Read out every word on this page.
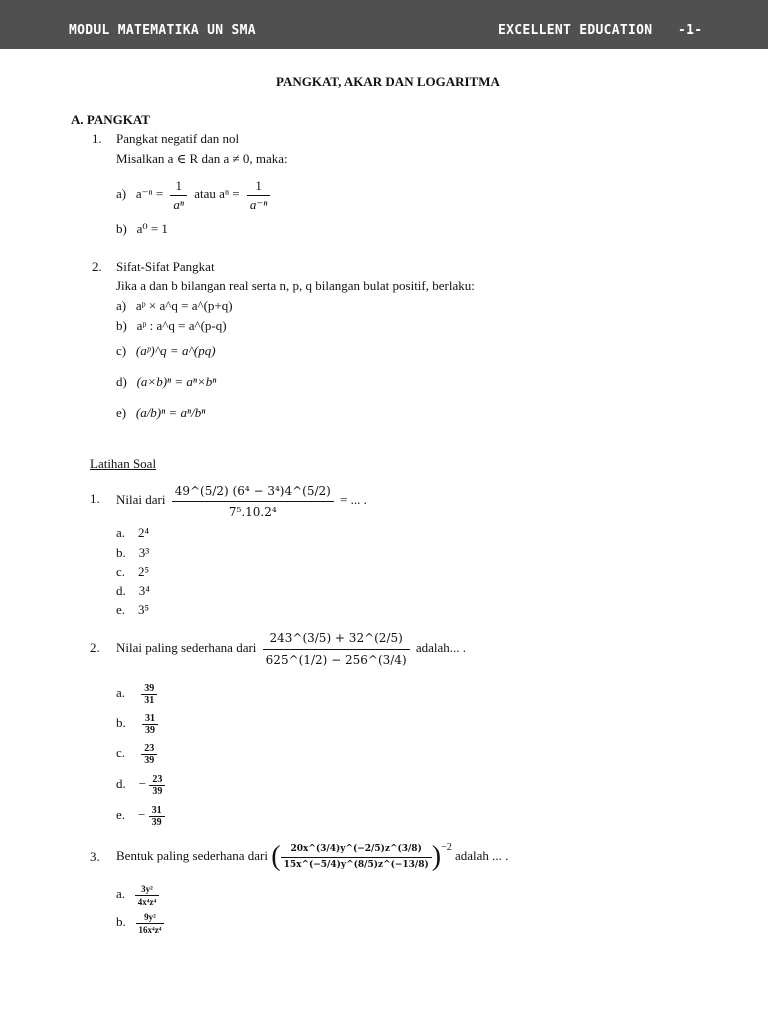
MODUL MATEMATIKA UN SMA	EXCELLENT EDUCATION -1-
PANGKAT, AKAR DAN LOGARITMA
A. PANGKAT
1. Pangkat negatif dan nol
Misalkan a ∈ R dan a ≠ 0, maka:
a) $a^{-n} = \frac{1}{\text{aⁿ}}$ atau $a^n = \frac{1}{\text{a⁻ⁿ}}$
b) a⁰ = 1
2. Sifat-Sifat Pangkat
Jika a dan b bilangan real serta n, p, q bilangan bulat positif, berlaku:
a) aᵖ × a^q = a^(p+q)
b) aᵖ : a^q = a^(p-q)
c) (aᵖ)^q = a^(pq)
d) (a×b)ⁿ = aⁿ×bⁿ
e) (a/b)ⁿ = aⁿ/bⁿ
Latihan Soal
1. Nilai dari $\frac{\text{49\textasciicircum{}(5/2) (6⁴ − 3⁴)4\textasciicircum{}(5/2)}}{\text{7⁵.10.2⁴}}$ = ... .
a. 2⁴
b. 3³
c. 2⁵
d. 3⁴
e. 3⁵
2. Nilai paling sederhana dari $\frac{243\^{}(3/5) + 32\^{}(2/5)}{625\^{}(1/2) - 256\^{}(3/4)}$ adalah... .
a. $\frac{39}{31}$
b. $\frac{31}{39}$
c. $\frac{23}{39}$
d. − $\frac{23}{39}$
e. − $\frac{31}{39}$
3. Bentuk paling sederhana dari ( $\frac{20x\^{}(3/4)y\^{}(-2/5)z\^{}(3/8)}{15x\^{}(-5/4)y\^{}(8/5)z\^{}(-13/8)} )^{-2}$ adalah ... .
a. $\frac{\text{3y²}}{\text{4x⁴z⁴}}$
b. $\frac{\text{9y²}}{\text{16x⁴z⁴}}$
